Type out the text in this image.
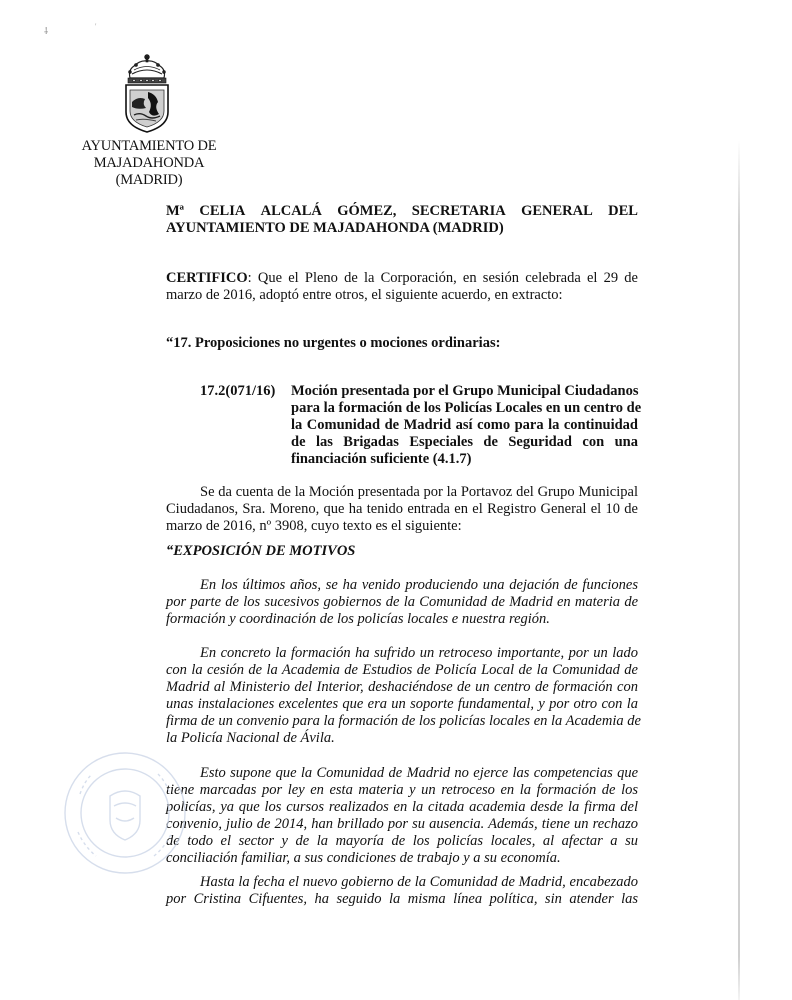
⸸	'
AYUNTAMIENTO DE
MAJADAHONDA
(MADRID)
Mª CELIA ALCALÁ GÓMEZ, SECRETARIA GENERAL DEL
AYUNTAMIENTO DE MAJADAHONDA (MADRID)
CERTIFICO: Que el Pleno de la Corporación, en sesión celebrada el 29 de marzo de 2016, adoptó entre otros, el siguiente acuerdo, en extracto:
“17. Proposiciones no urgentes o mociones ordinarias:
17.2(071/16) Moción presentada por el Grupo Municipal Ciudadanos
para la formación de los Policías Locales en un centro de
la Comunidad de Madrid así como para la continuidad
de las Brigadas Especiales de Seguridad con una
financiación suficiente (4.1.7)
Se da cuenta de la Moción presentada por la Portavoz del Grupo Municipal
Ciudadanos, Sra. Moreno, que ha tenido entrada en el Registro General el 10 de
marzo de 2016, nº 3908, cuyo texto es el siguiente:
“EXPOSICIÓN DE MOTIVOS
En los últimos años, se ha venido produciendo una dejación de funciones
por parte de los sucesivos gobiernos de la Comunidad de Madrid en materia de
formación y coordinación de los policías locales e nuestra región.
En concreto la formación ha sufrido un retroceso importante, por un lado
con la cesión de la Academia de Estudios de Policía Local de la Comunidad de
Madrid al Ministerio del Interior, deshaciéndose de un centro de formación con
unas instalaciones excelentes que era un soporte fundamental, y por otro con la
firma de un convenio para la formación de los policías locales en la Academia de
la Policía Nacional de Ávila.
Esto supone que la Comunidad de Madrid no ejerce las competencias que
tiene marcadas por ley en esta materia y un retroceso en la formación de los
policías, ya que los cursos realizados en la citada academia desde la firma del
convenio, julio de 2014, han brillado por su ausencia. Además, tiene un rechazo
de todo el sector y de la mayoría de los policías locales, al afectar a su
conciliación familiar, a sus condiciones de trabajo y a su economía.
Hasta la fecha el nuevo gobierno de la Comunidad de Madrid, encabezado
por Cristina Cifuentes, ha seguido la misma línea política, sin atender las
